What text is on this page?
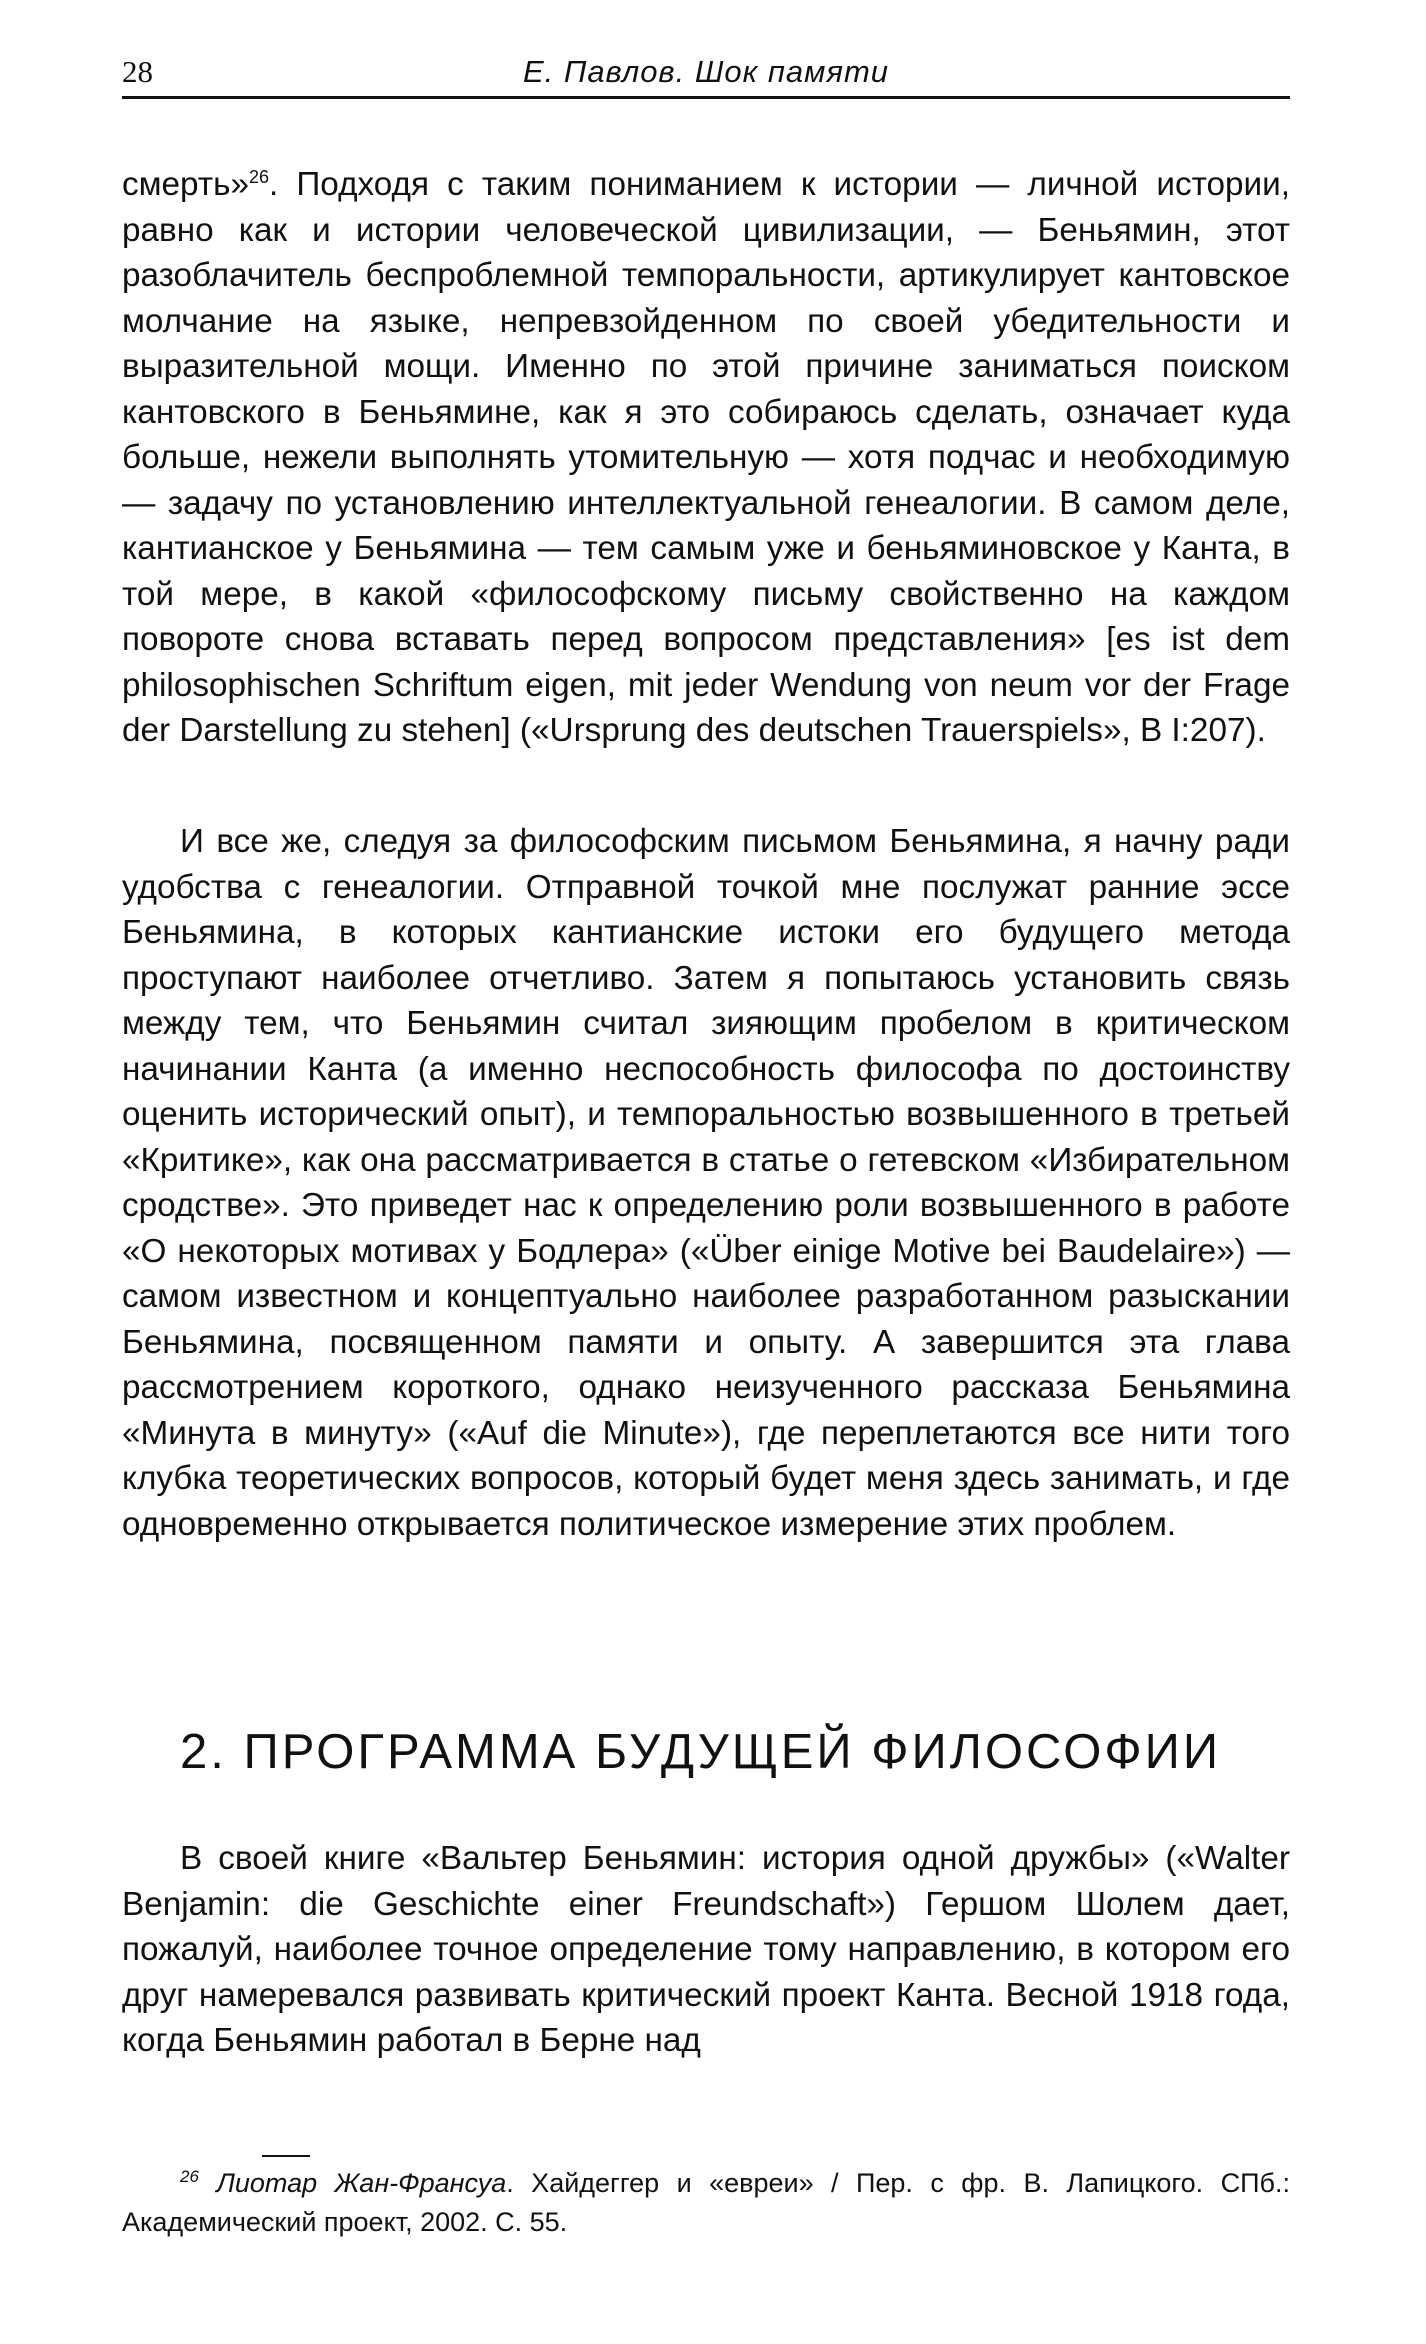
28	Е. Павлов. Шок памяти

смерть»$^{26}$. Подходя с таким пониманием к истории — личной истории, равно как и истории человеческой цивилизации, — Беньямин, этот разоблачитель беспроблемной темпоральности, артикулирует кантовское молчание на языке, непревзойденном по своей убедительности и выразительной мощи. Именно по этой причине заниматься поиском кантовского в Беньямине, как я это собираюсь сделать, означает куда больше, нежели выполнять утомительную — хотя подчас и необходимую — задачу по установлению интеллектуальной генеалогии. В самом деле, кантианское у Беньямина — тем самым уже и беньяминовское у Канта, в той мере, в какой «философскому письму свойственно на каждом повороте снова вставать перед вопросом представления» [es ist dem philosophischen Schriftum eigen, mit jeder Wendung von neum vor der Frage der Darstellung zu stehen] («Ursprung des deutschen Trauerspiels», B I:207).

И все же, следуя за философским письмом Беньямина, я начну ради удобства с генеалогии. Отправной точкой мне послужат ранние эссе Беньямина, в которых кантианские истоки его будущего метода проступают наиболее отчетливо. Затем я попытаюсь установить связь между тем, что Беньямин считал зияющим пробелом в критическом начинании Канта (а именно неспособность философа по достоинству оценить исторический опыт), и темпоральностью возвышенного в третьей «Критике», как она рассматривается в статье о гетевском «Избирательном сродстве». Это приведет нас к определению роли возвышенного в работе «О некоторых мотивах у Бодлера» («Über einige Motive bei Baudelaire») — самом известном и концептуально наиболее разработанном разыскании Беньямина, посвященном памяти и опыту. А завершится эта глава рассмотрением короткого, однако неизученного рассказа Беньямина «Минута в минуту» («Auf die Minute»), где переплетаются все нити того клубка теоретических вопросов, который будет меня здесь занимать, и где одновременно открывается политическое измерение этих проблем.

2. ПРОГРАММА БУДУЩЕЙ ФИЛОСОФИИ

В своей книге «Вальтер Беньямин: история одной дружбы» («Walter Benjamin: die Geschichte einer Freundschaft») Гершом Шолем дает, пожалуй, наиболее точное определение тому направлению, в котором его друг намеревался развивать критический проект Канта. Весной 1918 года, когда Беньямин работал в Берне над

$^{26}$ Лиотар Жан-Франсуа. Хайдеггер и «евреи» / Пер. с фр. В. Лапицкого. СПб.: Академический проект, 2002. С. 55.
